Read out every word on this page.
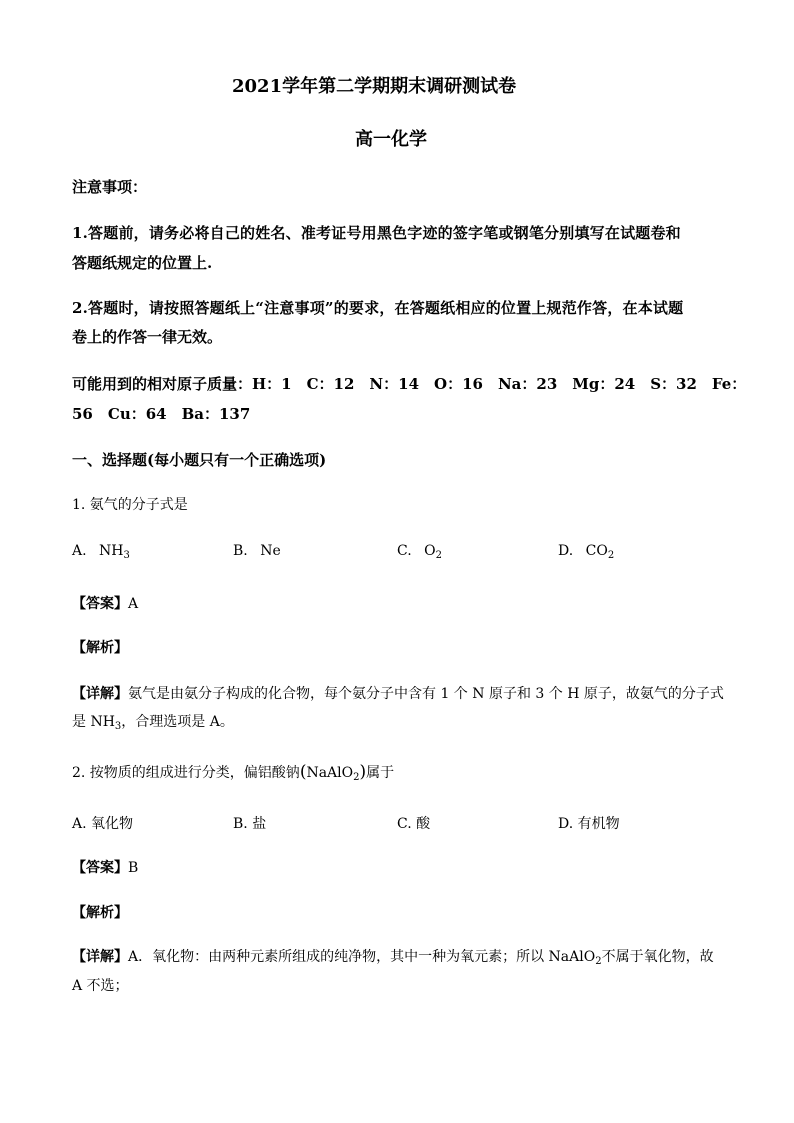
2021学年第二学期期末调研测试卷
高一化学
注意事项：
1.答题前，请务必将自己的姓名、准考证号用黑色字迹的签字笔或钢笔分别填写在试题卷和
答题纸规定的位置上.
2.答题时，请按照答题纸上“注意事项”的要求，在答题纸相应的位置上规范作答，在本试题
卷上的作答一律无效。
可能用到的相对原子质量：H：1　C：12　N：14　O：16　Na：23　Mg：24　S：32　Fe：
56　Cu：64　Ba：137
一、选择题(每小题只有一个正确选项)
1. 氨气的分子式是
A. $NH_3$	B. Ne	C. $O_2$	D. $CO_2$
【答案】A
【解析】
【详解】氨气是由氨分子构成的化合物，每个氨分子中含有 1 个 N 原子和 3 个 H 原子，故氨气的分子式
是 $NH_3$，合理选项是 A。
2. 按物质的组成进行分类，偏铝酸钠(NaAlO$_2$)属于
A. 氧化物	B. 盐	C. 酸	D. 有机物
【答案】B
【解析】
【详解】A．氧化物：由两种元素所组成的纯净物，其中一种为氧元素；所以 NaAlO$_2$不属于氧化物，故
A 不选；
